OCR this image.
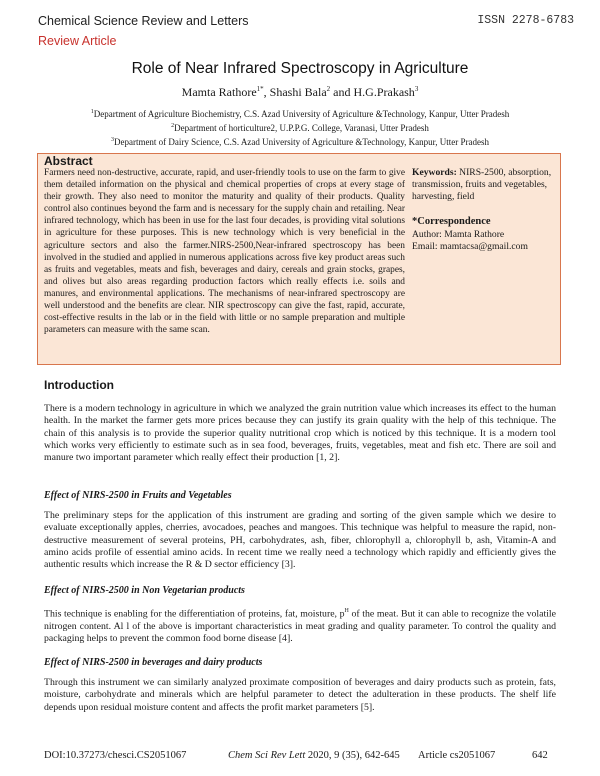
Chemical Science Review and Letters	ISSN 2278-6783
Review Article
Role of Near Infrared Spectroscopy in Agriculture
Mamta Rathore$^{1*}$, Shashi Bala$^2$ and H.G.Prakash$^3$
$^1$Department of Agriculture Biochemistry, C.S. Azad University of Agriculture &Technology, Kanpur, Utter Pradesh
$^2$Department of horticulture2, U.P.P.G. College, Varanasi, Utter Pradesh
$^3$Department of Dairy Science, C.S. Azad University of Agriculture &Technology, Kanpur, Utter Pradesh
Abstract
Farmers need non-destructive, accurate, rapid, and user-friendly tools to use on the farm to give them detailed information on the physical and chemical properties of crops at every stage of their growth. They also need to monitor the maturity and quality of their products. Quality control also continues beyond the farm and is necessary for the supply chain and retailing. Near infrared technology, which has been in use for the last four decades, is providing vital solutions in agriculture for these purposes. This is new technology which is very beneficial in the agriculture sectors and also the farmer.NIRS-2500,Near-infrared spectroscopy has been involved in the studied and applied in numerous applications across five key product areas such as fruits and vegetables, meats and fish, beverages and dairy, cereals and grain stocks, grapes, and olives but also areas regarding production factors which really effects i.e. soils and manures, and environmental applications. The mechanisms of near-infrared spectroscopy are well understood and the benefits are clear. NIR spectroscopy can give the fast, rapid, accurate, cost-effective results in the lab or in the field with little or no sample preparation and multiple parameters can measure with the same scan.
Keywords: NIRS-2500, absorption, transmission, fruits and vegetables, harvesting, field
*Correspondence
Author: Mamta Rathore
Email: mamtacsa@gmail.com
Introduction
There is a modern technology in agriculture in which we analyzed the grain nutrition value which increases its effect to the human health. In the market the farmer gets more prices because they can justify its grain quality with the help of this technique. The chain of this analysis is to provide the superior quality nutritional crop which is noticed by this technique. It is a modern tool which works very efficiently to estimate such as in sea food, beverages, fruits, vegetables, meat and fish etc. There are soil and manure two important parameter which really effect their production [1, 2].
Effect of NIRS-2500 in Fruits and Vegetables
The preliminary steps for the application of this instrument are grading and sorting of the given sample which we desire to evaluate exceptionally apples, cherries, avocadoes, peaches and mangoes. This technique was helpful to measure the rapid, non-destructive measurement of several proteins, PH, carbohydrates, ash, fiber, chlorophyll a, chlorophyll b, ash, Vitamin-A and amino acids profile of essential amino acids. In recent time we really need a technology which rapidly and efficiently gives the authentic results which increase the R & D sector efficiency [3].
Effect of NIRS-2500 in Non Vegetarian products
This technique is enabling for the differentiation of proteins, fat, moisture, $p^H$ of the meat. But it can able to recognize the volatile nitrogen content. Al l of the above is important characteristics in meat grading and quality parameter. To control the quality and packaging helps to prevent the common food borne disease [4].
Effect of NIRS-2500 in beverages and dairy products
Through this instrument we can similarly analyzed proximate composition of beverages and dairy products such as protein, fats, moisture, carbohydrate and minerals which are helpful parameter to detect the adulteration in these products. The shelf life depends upon residual moisture content and affects the profit market parameters [5].
DOI:10.37273/chesci.CS2051067	Chem Sci Rev Lett 2020, 9 (35), 642-645 Article cs2051067	642
